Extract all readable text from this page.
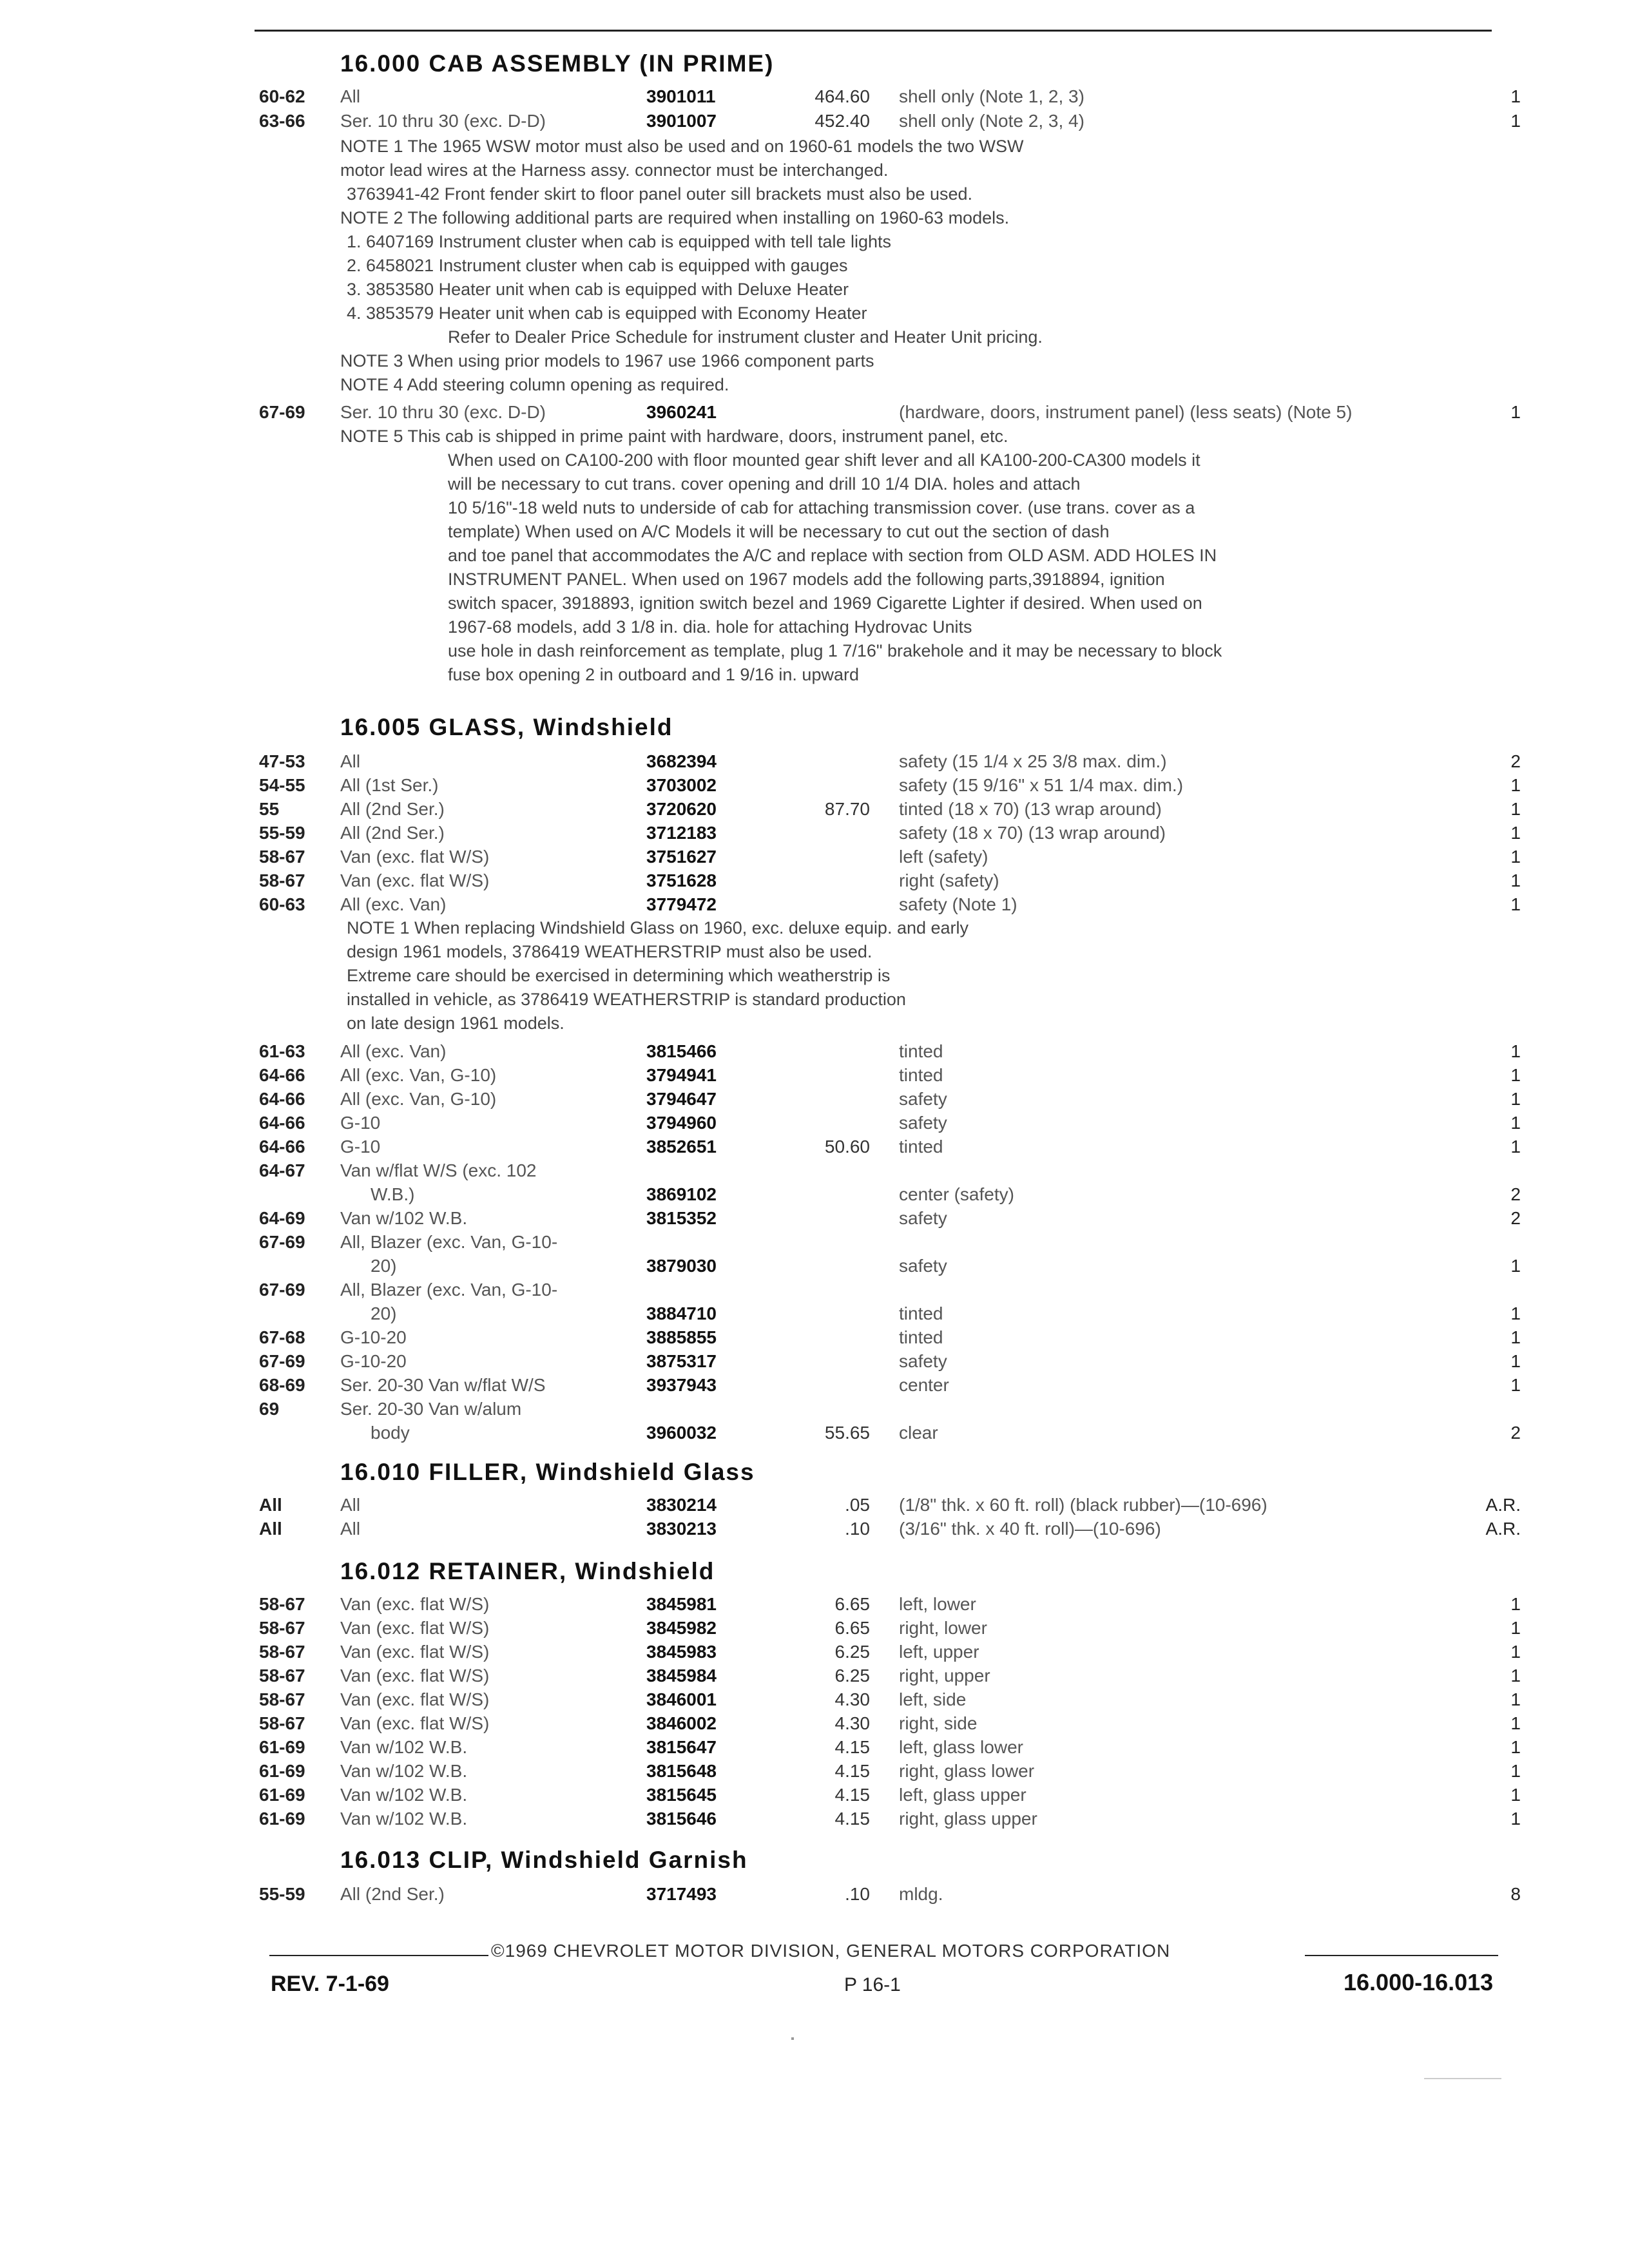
16.000 CAB ASSEMBLY (IN PRIME)
60-62 All	3901011	464.60 shell only (Note 1, 2, 3)	1
63-66 Ser. 10 thru 30 (exc. D-D)	3901007	452.40 shell only (Note 2, 3, 4)	1
NOTE 1 The 1965 WSW motor must also be used and on 1960-61 models the two WSW
motor lead wires at the Harness assy. connector must be interchanged.
3763941-42 Front fender skirt to floor panel outer sill brackets must also be used.
NOTE 2 The following additional parts are required when installing on 1960-63 models.
1. 6407169 Instrument cluster when cab is equipped with tell tale lights
2. 6458021 Instrument cluster when cab is equipped with gauges
3. 3853580 Heater unit when cab is equipped with Deluxe Heater
4. 3853579 Heater unit when cab is equipped with Economy Heater
Refer to Dealer Price Schedule for instrument cluster and Heater Unit pricing.
NOTE 3 When using prior models to 1967 use 1966 component parts
NOTE 4 Add steering column opening as required.
67-69 Ser. 10 thru 30 (exc. D-D)	3960241	(hardware, doors, instrument panel) (less seats) (Note 5)	1
NOTE 5 This cab is shipped in prime paint with hardware, doors, instrument panel, etc.
When used on CA100-200 with floor mounted gear shift lever and all KA100-200-CA300 models it
will be necessary to cut trans. cover opening and drill 10 1/4 DIA. holes and attach
10 5/16"-18 weld nuts to underside of cab for attaching transmission cover. (use trans. cover as a
template) When used on A/C Models it will be necessary to cut out the section of dash
and toe panel that accommodates the A/C and replace with section from OLD ASM. ADD HOLES IN
INSTRUMENT PANEL. When used on 1967 models add the following parts,3918894, ignition
switch spacer, 3918893, ignition switch bezel and 1969 Cigarette Lighter if desired. When used on
1967-68 models, add 3 1/8 in. dia. hole for attaching Hydrovac Units
use hole in dash reinforcement as template, plug 1 7/16" brakehole and it may be necessary to block
fuse box opening 2 in outboard and 1 9/16 in. upward
16.005 GLASS, Windshield
47-53 All	3682394	safety (15 1/4 x 25 3/8 max. dim.)	2
54-55 All (1st Ser.)	3703002	safety (15 9/16" x 51 1/4 max. dim.)	1
55	All (2nd Ser.)	3720620	87.70 tinted (18 x 70) (13 wrap around)	1
55-59 All (2nd Ser.)	3712183	safety (18 x 70) (13 wrap around)	1
58-67 Van (exc. flat W/S)	3751627	left (safety)	1
58-67 Van (exc. flat W/S)	3751628	right (safety)	1
60-63 All (exc. Van)	3779472	safety (Note 1)	1
NOTE 1 When replacing Windshield Glass on 1960, exc. deluxe equip. and early
design 1961 models, 3786419 WEATHERSTRIP must also be used.
Extreme care should be exercised in determining which weatherstrip is
installed in vehicle, as 3786419 WEATHERSTRIP is standard production
on late design 1961 models.
61-63 All (exc. Van)	3815466	tinted	1
64-66 All (exc. Van, G-10)	3794941	tinted	1
64-66 All (exc. Van, G-10)	3794647	safety	1
64-66 G-10	3794960	safety	1
64-66 G-10	3852651	50.60 tinted	1
64-67 Van w/flat W/S (exc. 102
W.B.)	3869102	center (safety)	2
64-69 Van w/102 W.B.	3815352	safety	2
67-69 All, Blazer (exc. Van, G-10-
20)	3879030	safety	1
67-69 All, Blazer (exc. Van, G-10-
20)	3884710	tinted	1
67-68 G-10-20	3885855	tinted	1
67-69 G-10-20	3875317	safety	1
68-69 Ser. 20-30 Van w/flat W/S	3937943	center	1
69	Ser. 20-30 Van w/alum
body	3960032	55.65 clear	2
16.010 FILLER, Windshield Glass
All	All	3830214	.05 (1/8" thk. x 60 ft. roll) (black rubber)—(10-696)	A.R.
All	All	3830213	.10 (3/16" thk. x 40 ft. roll)—(10-696)	A.R.
16.012 RETAINER, Windshield
58-67 Van (exc. flat W/S)	3845981	6.65 left, lower	1
58-67 Van (exc. flat W/S)	3845982	6.65 right, lower	1
58-67 Van (exc. flat W/S)	3845983	6.25 left, upper	1
58-67 Van (exc. flat W/S)	3845984	6.25 right, upper	1
58-67 Van (exc. flat W/S)	3846001	4.30 left, side	1
58-67 Van (exc. flat W/S)	3846002	4.30 right, side	1
61-69 Van w/102 W.B.	3815647	4.15 left, glass lower	1
61-69 Van w/102 W.B.	3815648	4.15 right, glass lower	1
61-69 Van w/102 W.B.	3815645	4.15 left, glass upper	1
61-69 Van w/102 W.B.	3815646	4.15 right, glass upper	1
16.013 CLIP, Windshield Garnish
55-59 All (2nd Ser.)	3717493	.10 mldg.	8
©1969 CHEVROLET MOTOR DIVISION, GENERAL MOTORS CORPORATION
REV. 7-1-69	P 16-1	16.000-16.013
